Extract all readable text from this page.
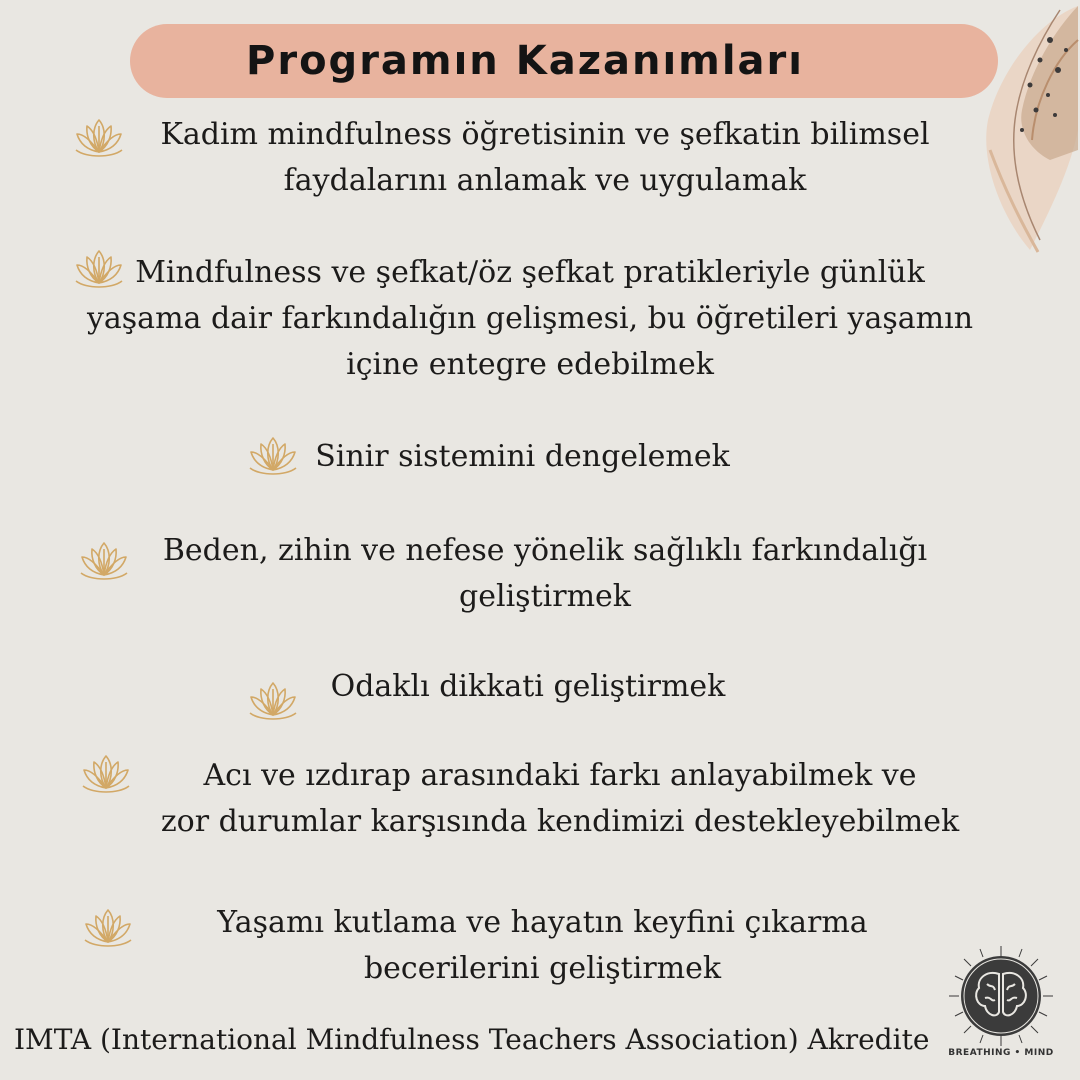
Programın Kazanımları
Kadim mindfulness öğretisinin ve şefkatin bilimsel
faydalarını anlamak ve uygulamak
Mindfulness ve şefkat/öz şefkat pratikleriyle günlük
yaşama dair farkındalığın gelişmesi, bu öğretileri yaşamın
içine entegre edebilmek
Sinir sistemini dengelemek
Beden, zihin ve nefese yönelik sağlıklı farkındalığı
geliştirmek
Odaklı dikkati geliştirmek
Acı ve ızdırap arasındaki farkı anlayabilmek ve
zor durumlar karşısında kendimizi destekleyebilmek
Yaşamı kutlama ve hayatın keyfini çıkarma
becerilerini geliştirmek
IMTA (International Mindfulness Teachers Association) Akredite BREATHING • MIND
